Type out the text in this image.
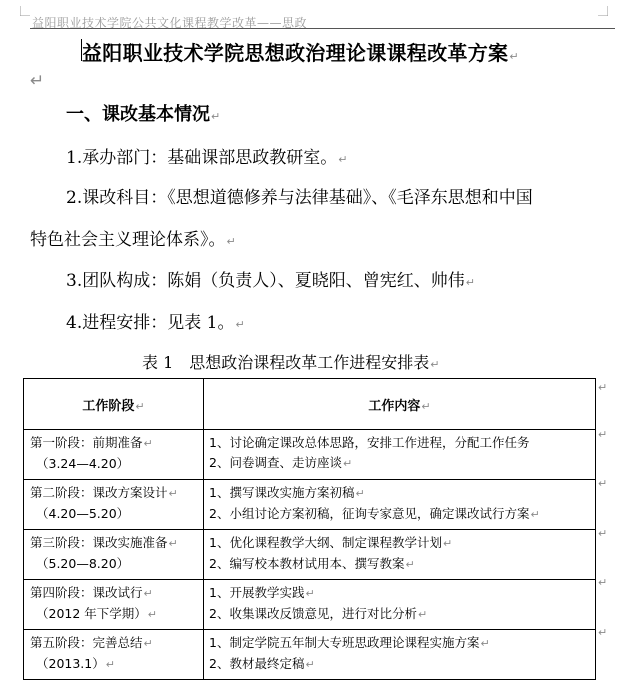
益阳职业技术学院公共文化课程教学改革——思政
益阳职业技术学院思想政治理论课课程改革方案↵
↵
一、课改基本情况↵
1.承办部门：基础课部思政教研室。↵
2.课改科目：《思想道德修养与法律基础》、《毛泽东思想和中国
特色社会主义理论体系》。↵
3.团队构成：陈娟（负责人）、夏晓阳、曾宪红、帅伟↵
4.进程安排：见表 1。↵
表 1　思想政治课程改革工作进程安排表↵
工作阶段↵	工作内容↵

第一阶段：前期准备↵
（3.24—4.20）	1、讨论确定课改总体思路，安排工作进程，分配工作任务
2、问卷调查、走访座谈↵

第二阶段：课改方案设计↵
（4.20—5.20）	1、撰写课改实施方案初稿↵
2、小组讨论方案初稿，征询专家意见，确定课改试行方案↵

第三阶段：课改实施准备↵
（5.20—8.20）	1、优化课程教学大纲、制定课程教学计划↵
2、编写校本教材试用本、撰写教案↵

第四阶段：课改试行↵
（2012 年下学期）↵	1、开展教学实践↵
2、收集课改反馈意见，进行对比分析↵

第五阶段：完善总结↵
（2013.1）↵	1、制定学院五年制大专班思政理论课程实施方案↵
2、教材最终定稿↵
↵
↵
↵
↵
↵
↵
